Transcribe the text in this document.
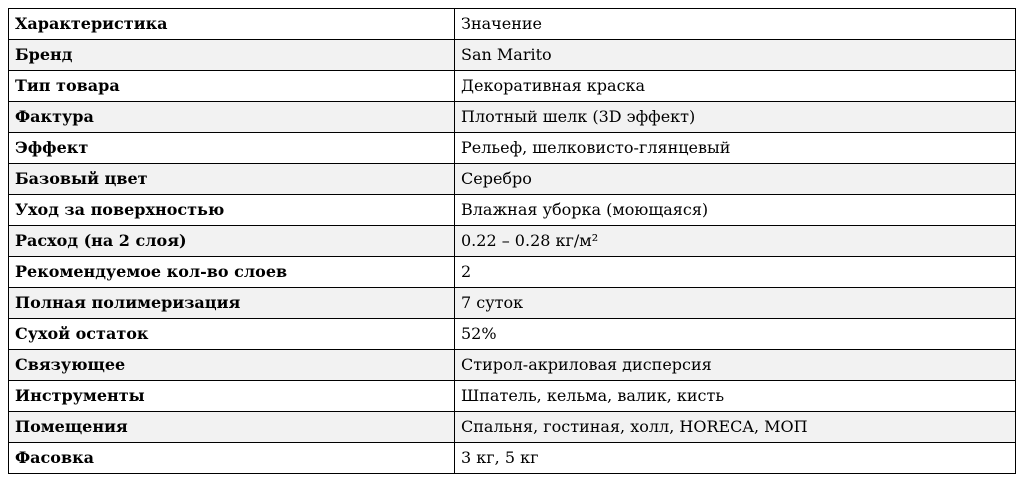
Характеристика	Значение
Бренд	San Marito
Тип товара	Декоративная краска
Фактура	Плотный шелк (3D эффект)
Эффект	Рельеф, шелковисто-глянцевый
Базовый цвет	Серебро
Уход за поверхностью	Влажная уборка (моющаяся)
Расход (на 2 слоя)	0.22 – 0.28 кг/м²
Рекомендуемое кол-во слоев	2
Полная полимеризация	7 суток
Сухой остаток	52%
Связующее	Стирол-акриловая дисперсия
Инструменты	Шпатель, кельма, валик, кисть
Помещения	Спальня, гостиная, холл, HORECA, МОП
Фасовка	3 кг, 5 кг
